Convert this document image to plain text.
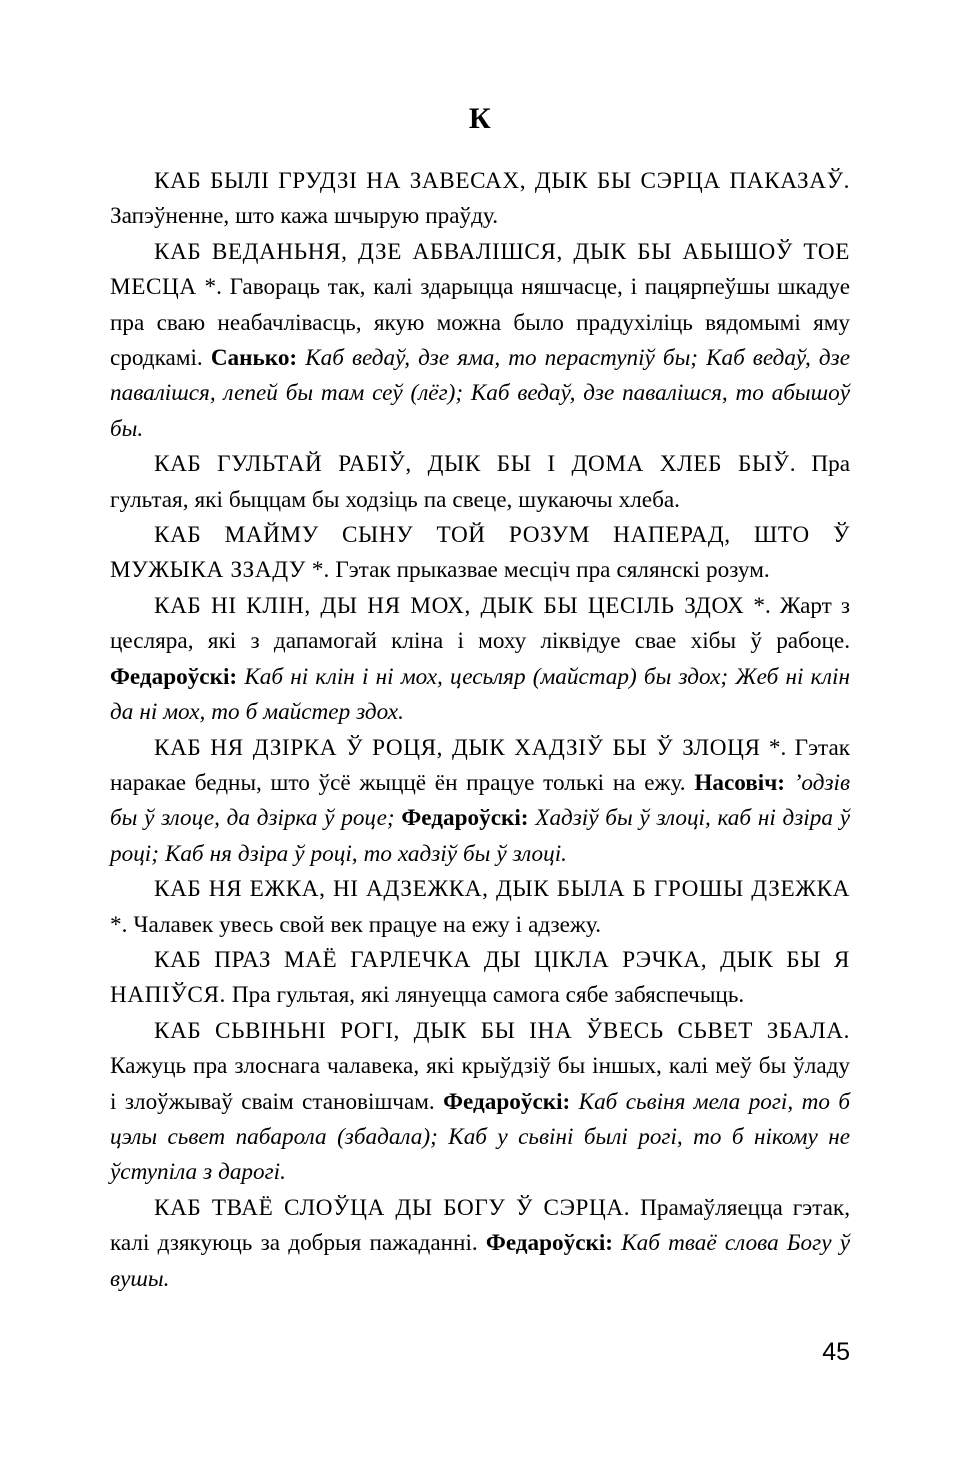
К

КАБ БЫЛІ ГРУДЗІ НА ЗАВЕСАХ, ДЫК БЫ СЭРЦА ПАКАЗАЎ. Запэўненне, што кажа шчырую праўду.

КАБ ВЕДАНЬНЯ, ДЗЕ АБВАЛІШСЯ, ДЫК БЫ АБЫШОЎ ТОЕ МЕСЦА *. Гавораць так, калі здарыцца няшчасце, і пацярпеўшы шкадуе пра сваю неабачлівасць, якую можна было прадухіліць вядомымі яму сродкамі. Санько: Каб ведаў, дзе яма, то пераступіў бы; Каб ведаў, дзе павалішся, лепей бы там сеў (лёг); Каб ведаў, дзе павалішся, то абышоў бы.

КАБ ГУЛЬТАЙ РАБІЎ, ДЫК БЫ І ДОМА ХЛЕБ БЫЎ. Пра гультая, які быццам бы ходзіць па свеце, шукаючы хлеба.

КАБ МАЙМУ СЫНУ ТОЙ РОЗУМ НАПЕРАД, ШТО Ў МУЖЫКА ЗЗАДУ *. Гэтак прыказвае месціч пра сялянскі розум.

КАБ НІ КЛІН, ДЫ НЯ МОХ, ДЫК БЫ ЦЕСІЛЬ ЗДОХ *. Жарт з цесляра, які з дапамогай кліна і моху ліквідуе свае хібы ў рабоце. Федароўскі: Каб ні клін і ні мох, цесьляр (майстар) бы здох; Жеб ні клін да ні мох, то б майстер здох.

КАБ НЯ ДЗІРКА Ў РОЦЯ, ДЫК ХАДЗІЎ БЫ Ў ЗЛОЦЯ *. Гэтак наракае бедны, што ўсё жыццё ён працуе толькі на ежу. Насовіч: ’одзів бы ў злоце, да дзірка ў роце; Федароўскі: Хадзіў бы ў злоці, каб ні дзіра ў році; Каб ня дзіра ў році, то хадзіў бы ў злоці.

КАБ НЯ ЕЖКА, НІ АДЗЕЖКА, ДЫК БЫЛА Б ГРОШЫ ДЗЕЖКА *. Чалавек увесь свой век працуе на ежу і адзежу.

КАБ ПРАЗ МАЁ ГАРЛЕЧКА ДЫ ЦІКЛА РЭЧКА, ДЫК БЫ Я НАПІЎСЯ. Пра гультая, які лянуецца самога сябе забяспечыць.

КАБ СЬВІНЬНІ РОГІ, ДЫК БЫ ІНА ЎВЕСЬ СЬВЕТ ЗБАЛА. Кажуць пра злоснага чалавека, які крыўдзіў бы іншых, калі меў бы ўладу і злоўжываў сваім становішчам. Федароўскі: Каб сьвіня мела рогі, то б цэлы сьвет пабарола (збадала); Каб у сьвіні былі рогі, то б нікому не ўступіла з дарогі.

КАБ ТВАЁ СЛОЎЦА ДЫ БОГУ Ў СЭРЦА. Прамаўляецца гэтак, калі дзякуюць за добрыя пажаданні. Федароўскі: Каб тваё слова Богу ў вушы.

45
